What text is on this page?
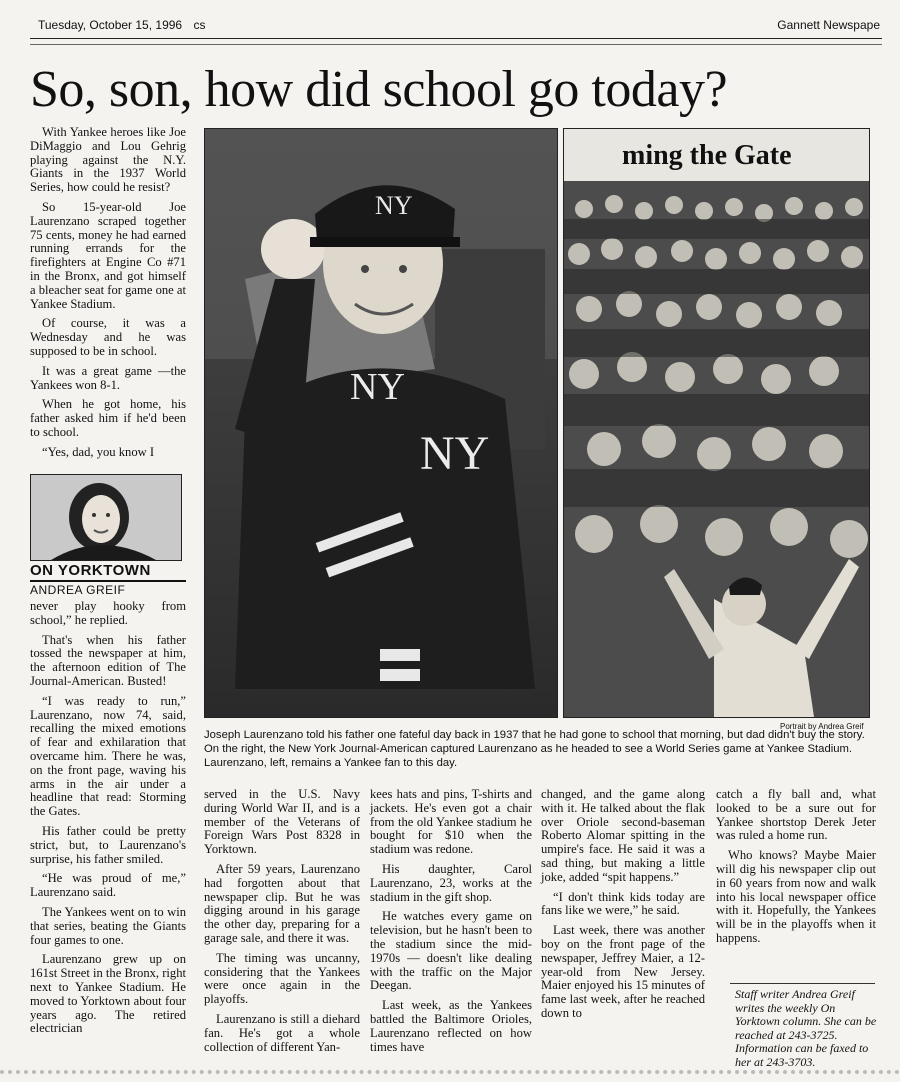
Tuesday, October 15, 1996 cs	Gannett Newspape
So, son, how did school go today?

With Yankee heroes like Joe DiMaggio and Lou Gehrig playing against the N.Y. Giants in the 1937 World Series, how could he resist?

So 15-year-old Joe Laurenzano scraped together 75 cents, money he had earned running errands for the firefighters at Engine Co #71 in the Bronx, and got himself a bleacher seat for game one at Yankee Stadium.

Of course, it was a Wednesday and he was supposed to be in school.

It was a great game —the Yankees won 8-1.

When he got home, his father asked him if he'd been to school.

“Yes, dad, you know I

ON YORKTOWN
ANDREA GREIF

never play hooky from school,” he replied.

That's when his father tossed the newspaper at him, the afternoon edition of The Journal-American. Busted!

“I was ready to run,” Laurenzano, now 74, said, recalling the mixed emotions of fear and exhilaration that overcame him. There he was, on the front page, waving his arms in the air under a headline that read: Storming the Gates.

His father could be pretty strict, but, to Laurenzano's surprise, his father smiled.

“He was proud of me,” Laurenzano said.

The Yankees went on to win that series, beating the Giants four games to one.

Laurenzano grew up on 161st Street in the Bronx, right next to Yankee Stadium. He moved to Yorktown about four years ago. The retired electrician

NY
NY
NY
ming the Gate
Portrait by Andrea Greif
Joseph Laurenzano told his father one fateful day back in 1937 that he had gone to school that morning, but dad didn't buy the story. On the right, the New York Journal-American captured Laurenzano as he headed to see a World Series game at Yankee Stadium. Laurenzano, left, remains a Yankee fan to this day.

served in the U.S. Navy during World War II, and is a member of the Veterans of Foreign Wars Post 8328 in Yorktown.

After 59 years, Laurenzano had forgotten about that newspaper clip. But he was digging around in his garage the other day, preparing for a garage sale, and there it was.

The timing was uncanny, considering that the Yankees were once again in the playoffs.

Laurenzano is still a diehard fan. He's got a whole collection of different Yan-

kees hats and pins, T-shirts and jackets. He's even got a chair from the old Yankee stadium he bought for $10 when the stadium was redone.

His daughter, Carol Laurenzano, 23, works at the stadium in the gift shop.

He watches every game on television, but he hasn't been to the stadium since the mid-1970s — doesn't like dealing with the traffic on the Major Deegan.

Last week, as the Yankees battled the Baltimore Orioles, Laurenzano reflected on how times have

changed, and the game along with it. He talked about the flak over Oriole second-baseman Roberto Alomar spitting in the umpire's face. He said it was a sad thing, but making a little joke, added “spit happens.”

“I don't think kids today are fans like we were,” he said.

Last week, there was another boy on the front page of the newspaper, Jeffrey Maier, a 12-year-old from New Jersey. Maier enjoyed his 15 minutes of fame last week, after he reached down to

catch a fly ball and, what looked to be a sure out for Yankee shortstop Derek Jeter was ruled a home run.

Who knows? Maybe Maier will dig his newspaper clip out in 60 years from now and walk into his local newspaper office with it. Hopefully, the Yankees will be in the playoffs when it happens.

Staff writer Andrea Greif writes the weekly On Yorktown column. She can be reached at 243-3725. Information can be faxed to her at 243-3703.
